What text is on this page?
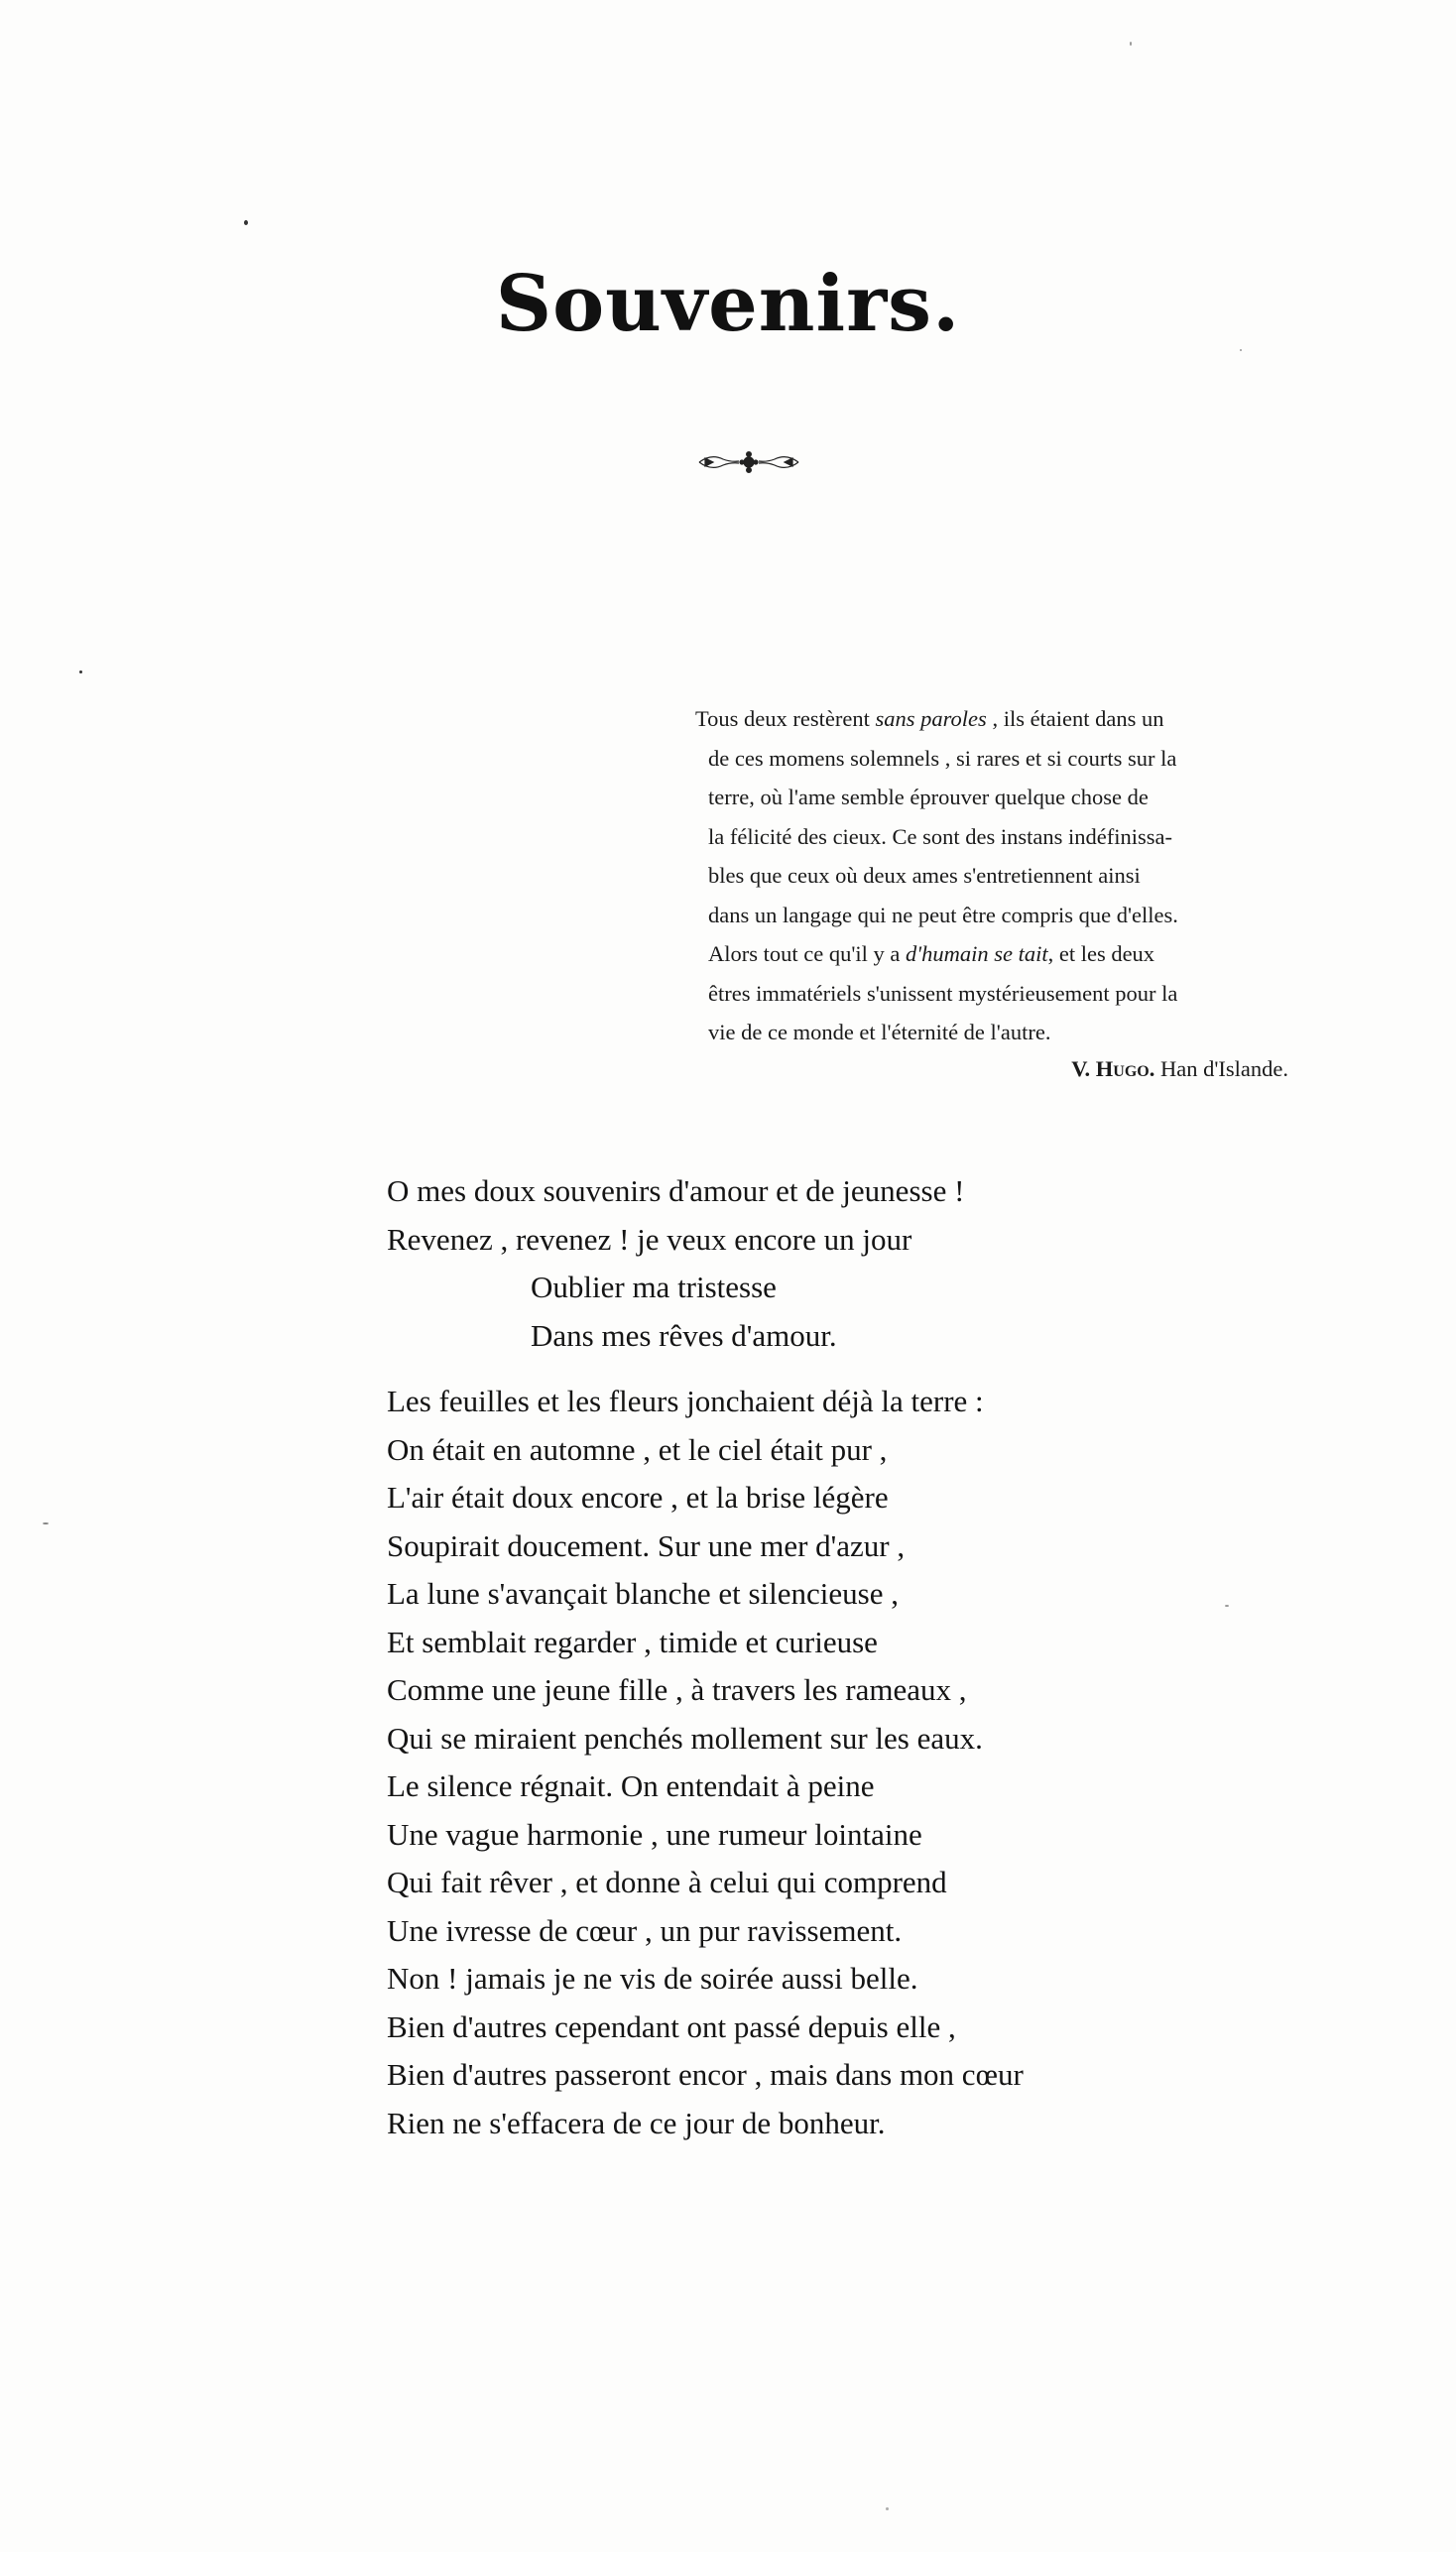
Souvenirs.

Tous deux restèrent sans paroles , ils étaient dans un

de ces momens solemnels , si rares et si courts sur la

terre, où l'ame semble éprouver quelque chose de

la félicité des cieux. Ce sont des instans indéfinissa-

bles que ceux où deux ames s'entretiennent ainsi

dans un langage qui ne peut être compris que d'elles.

Alors tout ce qu'il y a d'humain se tait, et les deux

êtres immatériels s'unissent mystérieusement pour la

vie de ce monde et l'éternité de l'autre.

V. Hugo. Han d'Islande.
O mes doux souvenirs d'amour et de jeunesse !
Revenez , revenez ! je veux encore un jour
Oublier ma tristesse
Dans mes rêves d'amour.
Les feuilles et les fleurs jonchaient déjà la terre :
On était en automne , et le ciel était pur ,
L'air était doux encore , et la brise légère
Soupirait doucement. Sur une mer d'azur ,
La lune s'avançait blanche et silencieuse ,
Et semblait regarder , timide et curieuse
Comme une jeune fille , à travers les rameaux ,
Qui se miraient penchés mollement sur les eaux.
Le silence régnait. On entendait à peine
Une vague harmonie , une rumeur lointaine
Qui fait rêver , et donne à celui qui comprend
Une ivresse de cœur , un pur ravissement.
Non ! jamais je ne vis de soirée aussi belle.
Bien d'autres cependant ont passé depuis elle ,
Bien d'autres passeront encor , mais dans mon cœur
Rien ne s'effacera de ce jour de bonheur.
